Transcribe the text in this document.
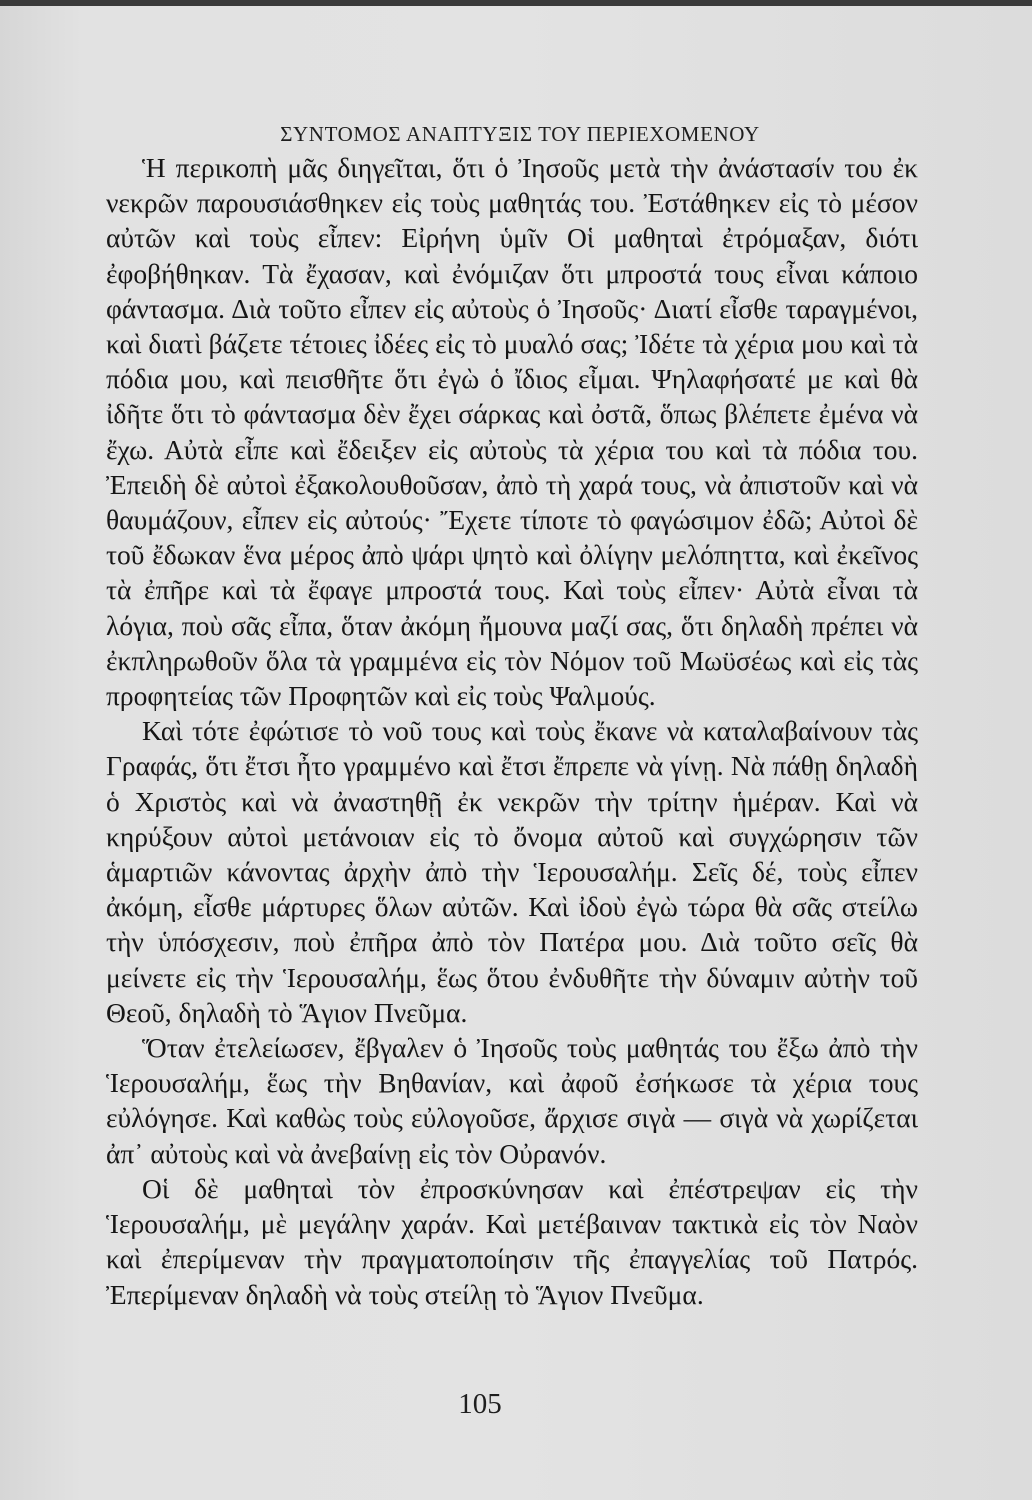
ΣΥΝΤΟΜΟΣ ΑΝΑΠΤΥΞΙΣ ΤΟΥ ΠΕΡΙΕΧΟΜΕΝΟΥ

Ἡ περικοπὴ μᾶς διηγεῖται, ὅτι ὁ Ἰησοῦς μετὰ τὴν ἀνάστασίν του ἐκ νεκρῶν παρουσιάσθηκεν εἰς τοὺς μαθητάς του. Ἐστάθηκεν εἰς τὸ μέσον αὐτῶν καὶ τοὺς εἶπεν: Εἰρήνη ὑμῖν Οἱ μαθηταὶ ἐτρόμαξαν, διότι ἐφοβήθηκαν. Τὰ ἔχασαν, καὶ ἐνόμιζαν ὅτι μπροστά τους εἶναι κάποιο φάντασμα. Διὰ τοῦτο εἶπεν εἰς αὐτοὺς ὁ Ἰησοῦς· Διατί εἶσθε ταραγμένοι, καὶ διατὶ βάζετε τέτοιες ἰδέες εἰς τὸ μυαλό σας; Ἰδέτε τὰ χέρια μου καὶ τὰ πόδια μου, καὶ πεισθῆτε ὅτι ἐγὼ ὁ ἴδιος εἶμαι. Ψηλαφήσατέ με καὶ θὰ ἰδῆτε ὅτι τὸ φάντασμα δὲν ἔχει σάρκας καὶ ὀστᾶ, ὅπως βλέπετε ἐμένα νὰ ἔχω. Αὐτὰ εἶπε καὶ ἔδειξεν εἰς αὐτοὺς τὰ χέρια του καὶ τὰ πόδια του. Ἐπειδὴ δὲ αὐτοὶ ἐξακολουθοῦσαν, ἀπὸ τὴ χαρά τους, νὰ ἀπιστοῦν καὶ νὰ θαυμάζουν, εἶπεν εἰς αὐτούς· Ἔχετε τίποτε τὸ φαγώσιμον ἐδῶ; Αὐτοὶ δὲ τοῦ ἔδωκαν ἕνα μέρος ἀπὸ ψάρι ψητὸ καὶ ὀλίγην μελόπηττα, καὶ ἐκεῖνος τὰ ἐπῆρε καὶ τὰ ἔφαγε μπροστά τους. Καὶ τοὺς εἶπεν· Αὐτὰ εἶναι τὰ λόγια, ποὺ σᾶς εἶπα, ὅταν ἀκόμη ἤμουνα μαζί σας, ὅτι δηλαδὴ πρέπει νὰ ἐκπληρωθοῦν ὅλα τὰ γραμμένα εἰς τὸν Νόμον τοῦ Μωϋσέως καὶ εἰς τὰς προφητείας τῶν Προφητῶν καὶ εἰς τοὺς Ψαλμούς.

Καὶ τότε ἐφώτισε τὸ νοῦ τους καὶ τοὺς ἔκανε νὰ καταλαβαίνουν τὰς Γραφάς, ὅτι ἔτσι ἦτο γραμμένο καὶ ἔτσι ἔπρεπε νὰ γίνῃ. Νὰ πάθῃ δηλαδὴ ὁ Χριστὸς καὶ νὰ ἀναστηθῇ ἐκ νεκρῶν τὴν τρίτην ἡμέραν. Καὶ νὰ κηρύξουν αὐτοὶ μετάνοιαν εἰς τὸ ὄνομα αὐτοῦ καὶ συγχώρησιν τῶν ἁμαρτιῶν κάνοντας ἀρχὴν ἀπὸ τὴν Ἱερουσαλήμ. Σεῖς δέ, τοὺς εἶπεν ἀκόμη, εἶσθε μάρτυρες ὅλων αὐτῶν. Καὶ ἰδοὺ ἐγὼ τώρα θὰ σᾶς στείλω τὴν ὑπόσχεσιν, ποὺ ἐπῆρα ἀπὸ τὸν Πατέρα μου. Διὰ τοῦτο σεῖς θὰ μείνετε εἰς τὴν Ἱερουσαλήμ, ἕως ὅτου ἐνδυθῆτε τὴν δύναμιν αὐτὴν τοῦ Θεοῦ, δηλαδὴ τὸ Ἅγιον Πνεῦμα.

Ὅταν ἐτελείωσεν, ἔβγαλεν ὁ Ἰησοῦς τοὺς μαθητάς του ἔξω ἀπὸ τὴν Ἱερουσαλήμ, ἕως τὴν Βηθανίαν, καὶ ἀφοῦ ἐσήκωσε τὰ χέρια τους εὐλόγησε. Καὶ καθὼς τοὺς εὐλογοῦσε, ἄρχισε σιγὰ — σιγὰ νὰ χωρίζεται ἀπ᾽ αὐτοὺς καὶ νὰ ἀνεβαίνῃ εἰς τὸν Οὐρανόν.

Οἱ δὲ μαθηταὶ τὸν ἐπροσκύνησαν καὶ ἐπέστρεψαν εἰς τὴν Ἱερουσαλήμ, μὲ μεγάλην χαράν. Καὶ μετέβαιναν τακτικὰ εἰς τὸν Ναὸν καὶ ἐπερίμεναν τὴν πραγματοποίησιν τῆς ἐπαγγελίας τοῦ Πατρός. Ἐπερίμεναν δηλαδὴ νὰ τοὺς στείλῃ τὸ Ἅγιον Πνεῦμα.

105
